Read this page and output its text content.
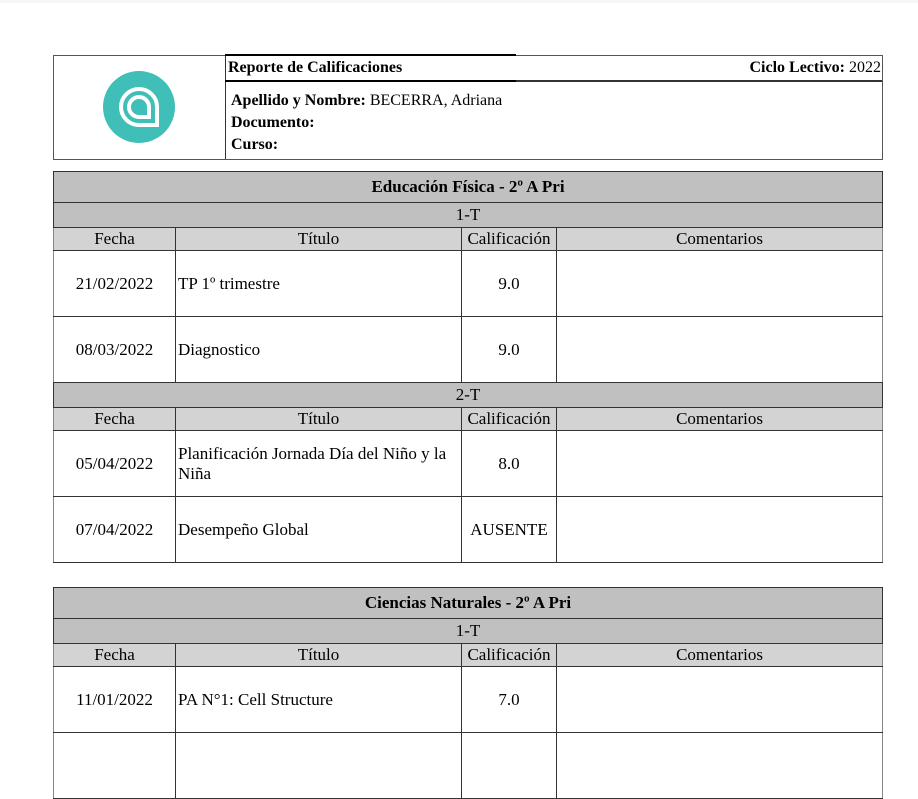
Reporte de Calificaciones	Ciclo Lectivo: 2022
Apellido y Nombre: BECERRA, Adriana
Documento:
Curso:
Educación Física - 2º A Pri			
1-T			
Fecha	Título	Calificación	Comentarios
21/02/2022	TP 1º trimestre	9.0	
08/03/2022	Diagnostico	9.0	
2-T			
Fecha	Título	Calificación	Comentarios
05/04/2022	Planificación Jornada Día del Niño y la Niña	8.0	
07/04/2022	Desempeño Global	AUSENTE	
Ciencias Naturales - 2º A Pri			
1-T			
Fecha	Título	Calificación	Comentarios
11/01/2022	PA N°1: Cell Structure	7.0	
